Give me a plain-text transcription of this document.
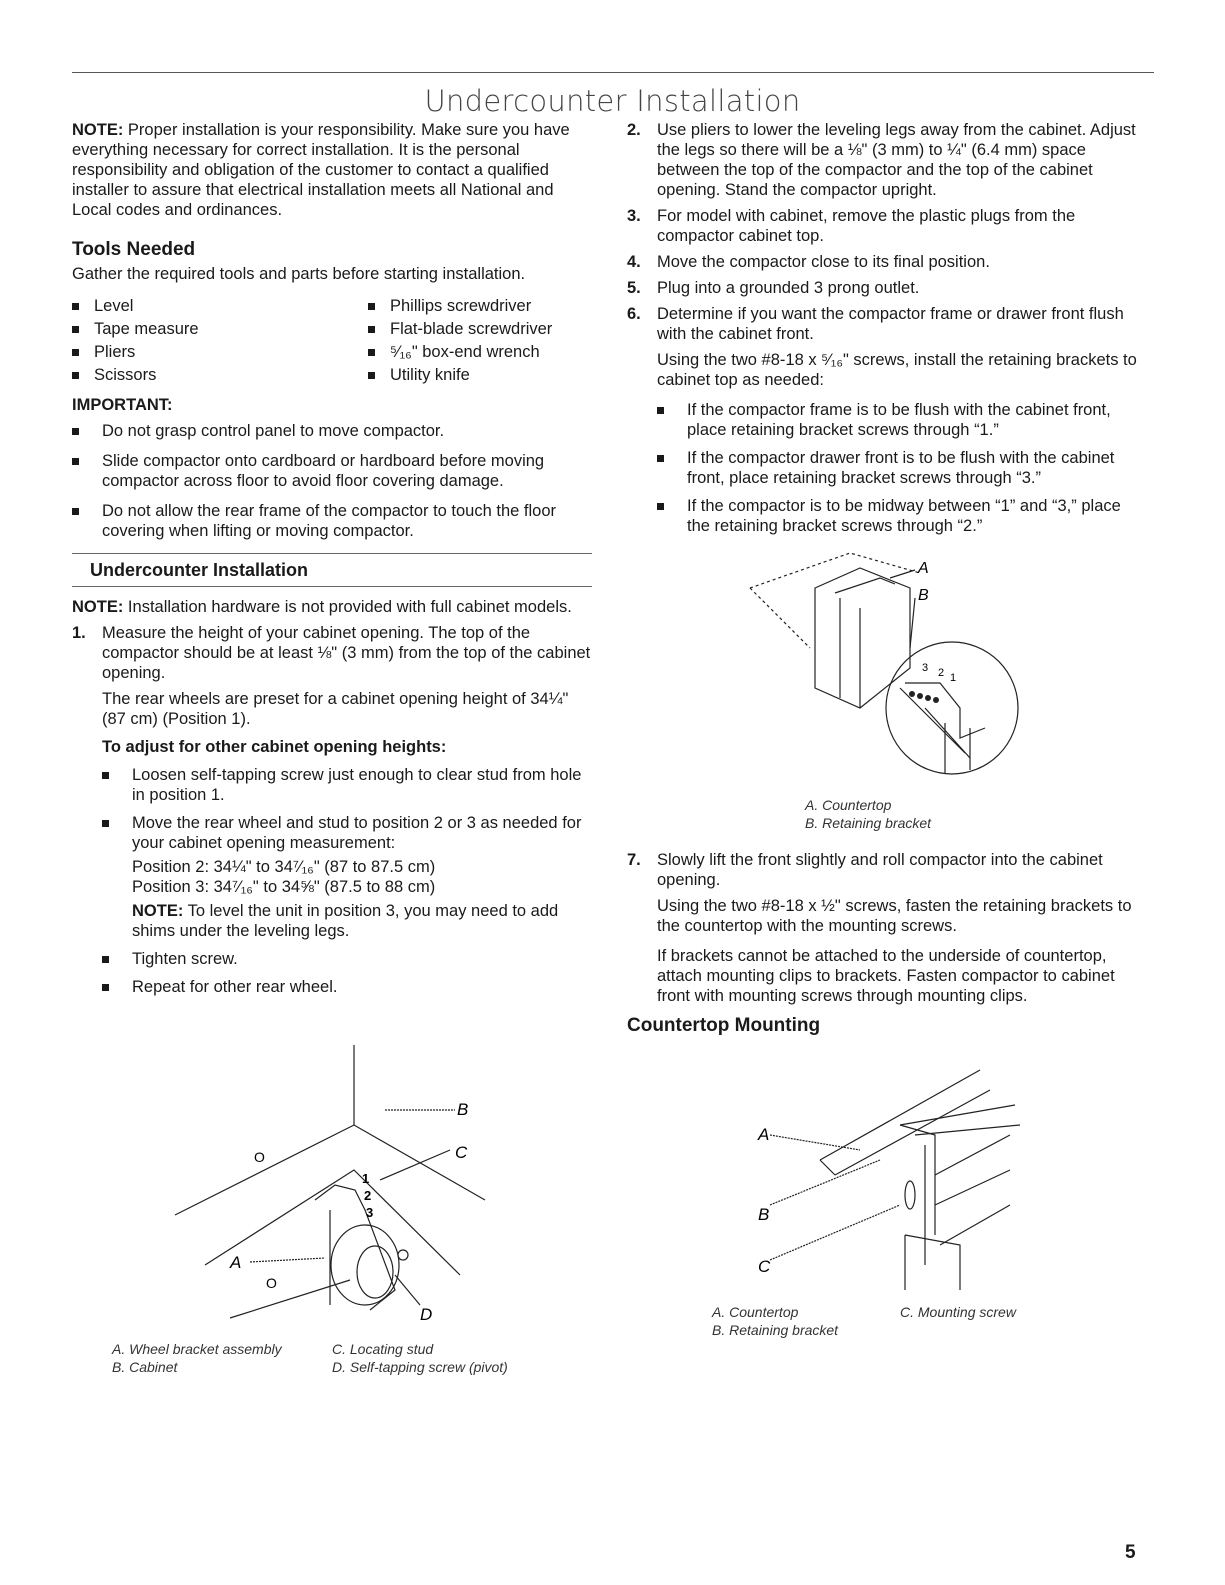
Undercounter Installation

NOTE: Proper installation is your responsibility. Make sure you have everything necessary for correct installation. It is the personal responsibility and obligation of the customer to contact a qualified installer to assure that electrical installation meets all National and Local codes and ordinances.

Tools Needed

Gather the required tools and parts before starting installation.

Level	Phillips screwdriver
Tape measure	Flat-blade screwdriver
Pliers	⁵⁄₁₆" box-end wrench
Scissors	Utility knife

IMPORTANT:

Do not grasp control panel to move compactor.
Slide compactor onto cardboard or hardboard before moving compactor across floor to avoid floor covering damage.
Do not allow the rear frame of the compactor to touch the floor covering when lifting or moving compactor.
Undercounter Installation

NOTE: Installation hardware is not provided with full cabinet models.

1. Measure the height of your cabinet opening. The top of the compactor should be at least ⅛" (3 mm) from the top of the cabinet opening.

The rear wheels are preset for a cabinet opening height of 34¼" (87 cm) (Position 1).

To adjust for other cabinet opening heights:

Loosen self-tapping screw just enough to clear stud from hole in position 1.
Move the rear wheel and stud to position 2 or 3 as needed for your cabinet opening measurement:
Position 2: 34¼" to 34⁷⁄₁₆" (87 to 87.5 cm)
Position 3: 34⁷⁄₁₆" to 34⅝" (87.5 to 88 cm)
NOTE: To level the unit in position 3, you may need to add shims under the leveling legs.
Tighten screw.
Repeat for other rear wheel.
2. Use pliers to lower the leveling legs away from the cabinet. Adjust the legs so there will be a ⅛" (3 mm) to ¼" (6.4 mm) space between the top of the compactor and the top of the cabinet opening. Stand the compactor upright.
3. For model with cabinet, remove the plastic plugs from the compactor cabinet top.
4. Move the compactor close to its final position.
5. Plug into a grounded 3 prong outlet.
6. Determine if you want the compactor frame or drawer front flush with the cabinet front.

Using the two #8-18 x ⁵⁄₁₆" screws, install the retaining brackets to cabinet top as needed:

If the compactor frame is to be flush with the cabinet front, place retaining bracket screws through “1.”
If the compactor drawer front is to be flush with the cabinet front, place retaining bracket screws through “3.”
If the compactor is to be midway between “1” and “3,” place the retaining bracket screws through “2.”
7. Slowly lift the front slightly and roll compactor into the cabinet opening.

Using the two #8-18 x ½" screws, fasten the retaining brackets to the countertop with the mounting screws.

If brackets cannot be attached to the underside of countertop, attach mounting clips to brackets. Fasten compactor to cabinet front with mounting screws through mounting clips.

Countertop Mounting
A
B
3 2 1
A. Countertop
B. Retaining bracket
B
C
A
D
O
O
1
2
3
A. Wheel bracket assembly	C. Locating stud
B. Cabinet	D. Self-tapping screw (pivot)
A
B
C
A. Countertop	C. Mounting screw
B. Retaining bracket
5
